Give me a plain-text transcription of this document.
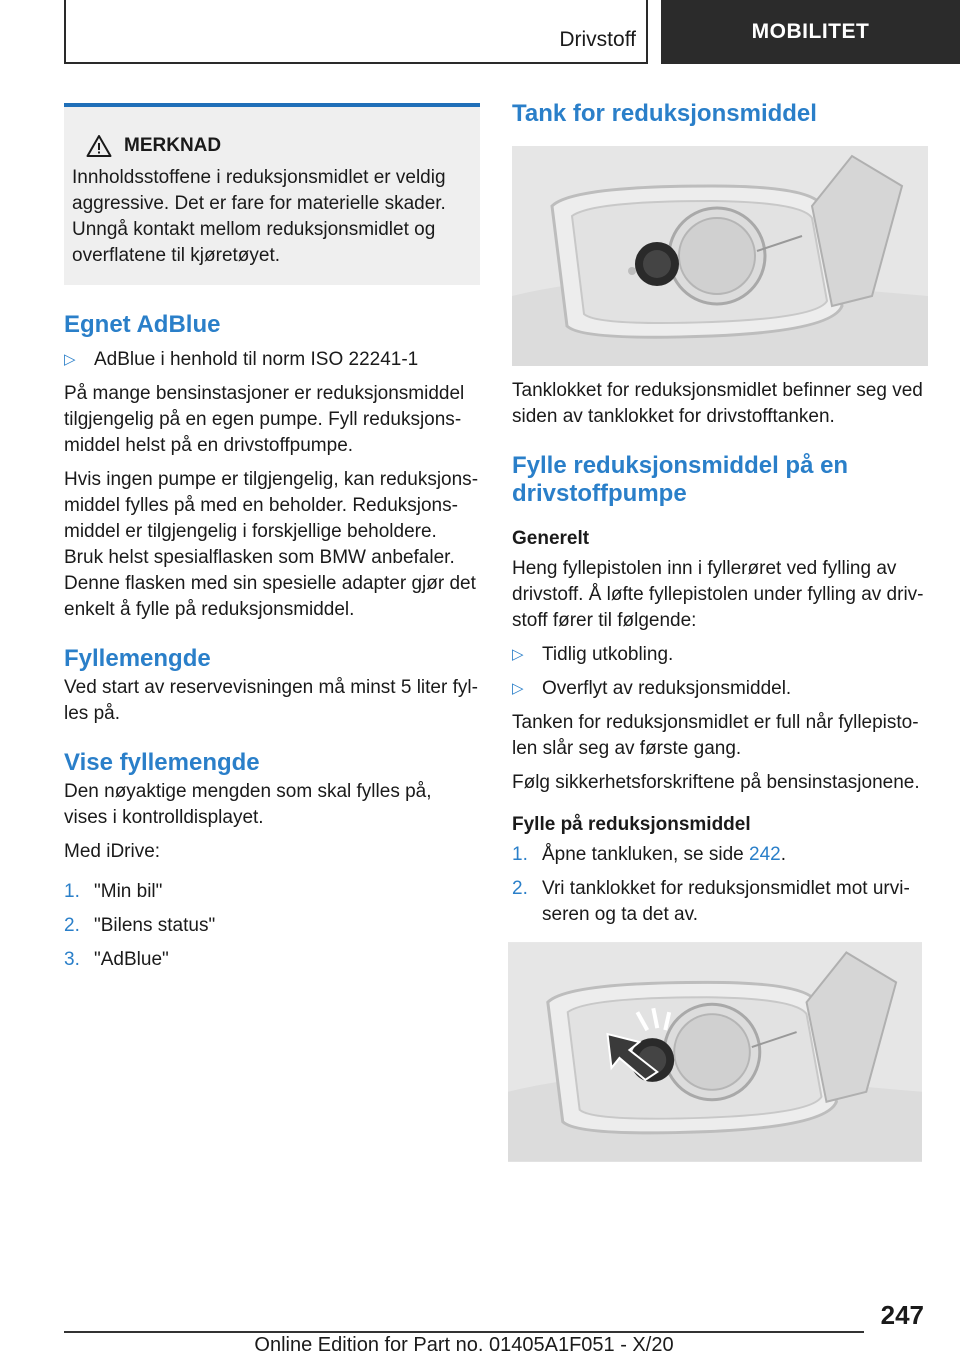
Drivstoff	MOBILITET
MERKNAD

Innholdsstoffene i reduksjonsmidlet er veldig aggressive. Det er fare for materielle skader. Unngå kontakt mellom reduksjonsmidlet og overflatene til kjøretøyet.

Egnet AdBlue
▷ AdBlue i henhold til norm ISO 22241-1

På mange bensinstasjoner er reduksjonsmiddel tilgjengelig på en egen pumpe. Fyll reduksjonsmiddel helst på en drivstoffpumpe.

Hvis ingen pumpe er tilgjengelig, kan reduksjonsmiddel fylles på med en beholder. Reduksjonsmiddel er tilgjengelig i forskjellige beholdere. Bruk helst spesialflasken som BMW anbefaler. Denne flasken med sin spesielle adapter gjør det enkelt å fylle på reduksjonsmiddel.

Fyllemengde

Ved start av reservevisningen må minst 5 liter fylles på.

Vise fyllemengde

Den nøyaktige mengden som skal fylles på, vises i kontrolldisplayet.

Med iDrive:

1. "Min bil"
2. "Bilens status"
3. "AdBlue"
Tank for reduksjonsmiddel

Tanklokket for reduksjonsmidlet befinner seg ved siden av tanklokket for drivstofftanken.

Fylle reduksjonsmiddel på en drivstoffpumpe
Generelt

Heng fyllepistolen inn i fyllerøret ved fylling av drivstoff. Å løfte fyllepistolen under fylling av drivstoff fører til følgende:

▷ Tidlig utkobling.
▷ Overflyt av reduksjonsmiddel.

Tanken for reduksjonsmidlet er full når fyllepistolen slår seg av første gang.

Følg sikkerhetsforskriftene på bensinstasjonene.

Fylle på reduksjonsmiddel
1. Åpne tankluken, se side 242.
2. Vri tanklokket for reduksjonsmidlet mot urviseren og ta det av.
247
Online Edition for Part no. 01405A1F051 - X/20
